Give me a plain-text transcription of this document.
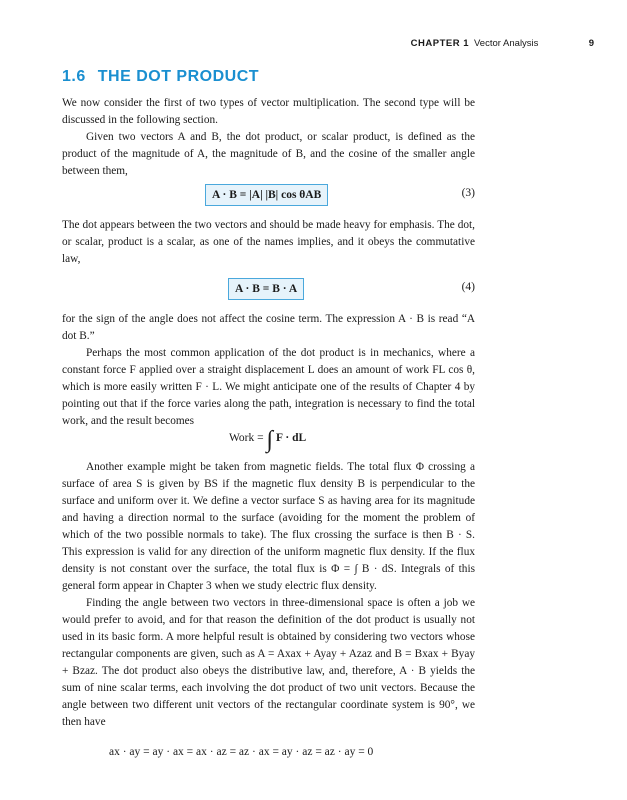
CHAPTER 1 Vector Analysis	9
1.6 THE DOT PRODUCT

We now consider the first of two types of vector multiplication. The second type will be discussed in the following section.

Given two vectors A and B, the dot product, or scalar product, is defined as the product of the magnitude of A, the magnitude of B, and the cosine of the smaller angle between them,

A · B = |A| |B| cos θAB	(3)

The dot appears between the two vectors and should be made heavy for emphasis. The dot, or scalar, product is a scalar, as one of the names implies, and it obeys the commutative law,

A · B = B · A	(4)

for the sign of the angle does not affect the cosine term. The expression A · B is read “A dot B.”

Perhaps the most common application of the dot product is in mechanics, where a constant force F applied over a straight displacement L does an amount of work FL cos θ, which is more easily written F · L. We might anticipate one of the results of Chapter 4 by pointing out that if the force varies along the path, integration is necessary to find the total work, and the result becomes

Work = ∫ F · dL

Another example might be taken from magnetic fields. The total flux Φ crossing a surface of area S is given by BS if the magnetic flux density B is perpendicular to the surface and uniform over it. We define a vector surface S as having area for its magnitude and having a direction normal to the surface (avoiding for the moment the problem of which of the two possible normals to take). The flux crossing the surface is then B · S. This expression is valid for any direction of the uniform magnetic flux density. If the flux density is not constant over the surface, the total flux is Φ = ∫ B · dS. Integrals of this general form appear in Chapter 3 when we study electric flux density.

Finding the angle between two vectors in three-dimensional space is often a job we would prefer to avoid, and for that reason the definition of the dot product is usually not used in its basic form. A more helpful result is obtained by considering two vectors whose rectangular components are given, such as A = Axax + Ayay + Azaz and B = Bxax + Byay + Bzaz. The dot product also obeys the distributive law, and, therefore, A · B yields the sum of nine scalar terms, each involving the dot product of two unit vectors. Because the angle between two different unit vectors of the rectangular coordinate system is 90°, we then have

ax · ay = ay · ax = ax · az = az · ax = ay · az = az · ay = 0
